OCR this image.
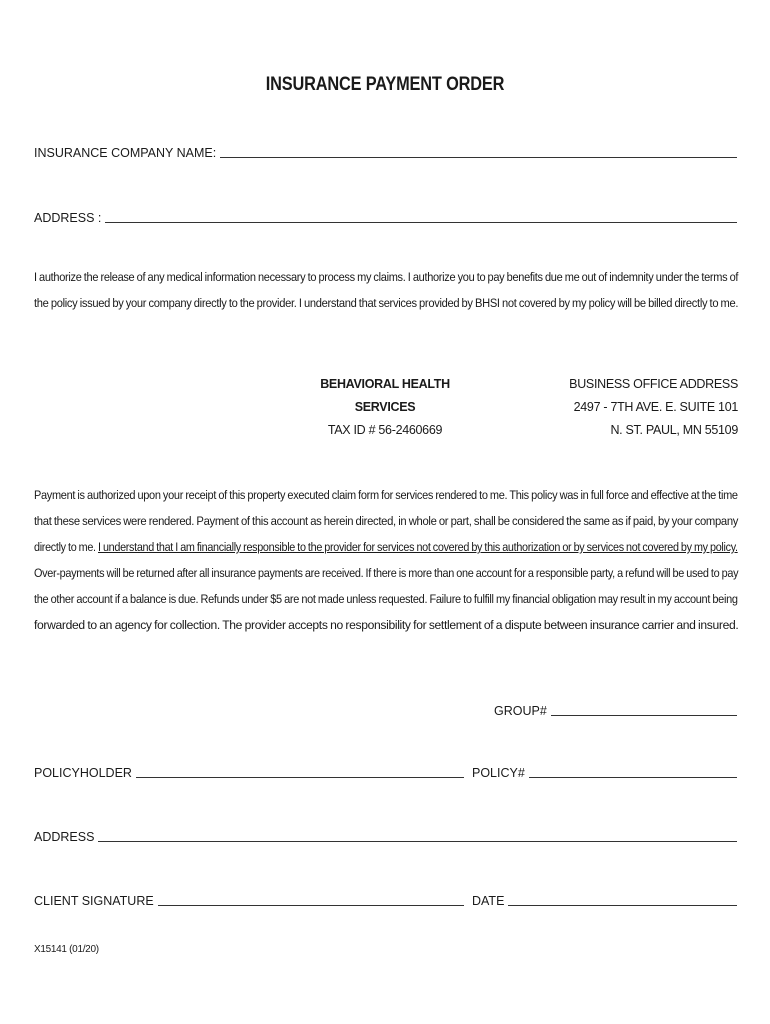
INSURANCE PAYMENT ORDER
INSURANCE COMPANY NAME:
ADDRESS :

I authorize the release of any medical information necessary to process my claims. I authorize you to pay benefits due me out of indemnity under the terms of

the policy issued by your company directly to the provider. I understand that services provided by BHSI not covered by my policy will be billed directly to me.

BEHAVIORAL HEALTH SERVICES
TAX ID # 56-2460669
BUSINESS OFFICE ADDRESS
2497 - 7TH AVE. E. SUITE 101
N. ST. PAUL, MN 55109

Payment is authorized upon your receipt of this property executed claim form for services rendered to me. This policy was in full force and effective at the time

that these services were rendered. Payment of this account as herein directed, in whole or part, shall be considered the same as if paid, by your company

directly to me. I understand that I am financially responsible to the provider for services not covered by this authorization or by services not covered by my policy.

Over-payments will be returned after all insurance payments are received. If there is more than one account for a responsible party, a refund will be used to pay

the other account if a balance is due. Refunds under $5 are not made unless requested. Failure to fulfill my financial obligation may result in my account being

forwarded to an agency for collection. The provider accepts no responsibility for settlement of a dispute between insurance carrier and insured.

GROUP#
POLICYHOLDER	POLICY#
ADDRESS
CLIENT SIGNATURE	DATE
X15141 (01/20)
